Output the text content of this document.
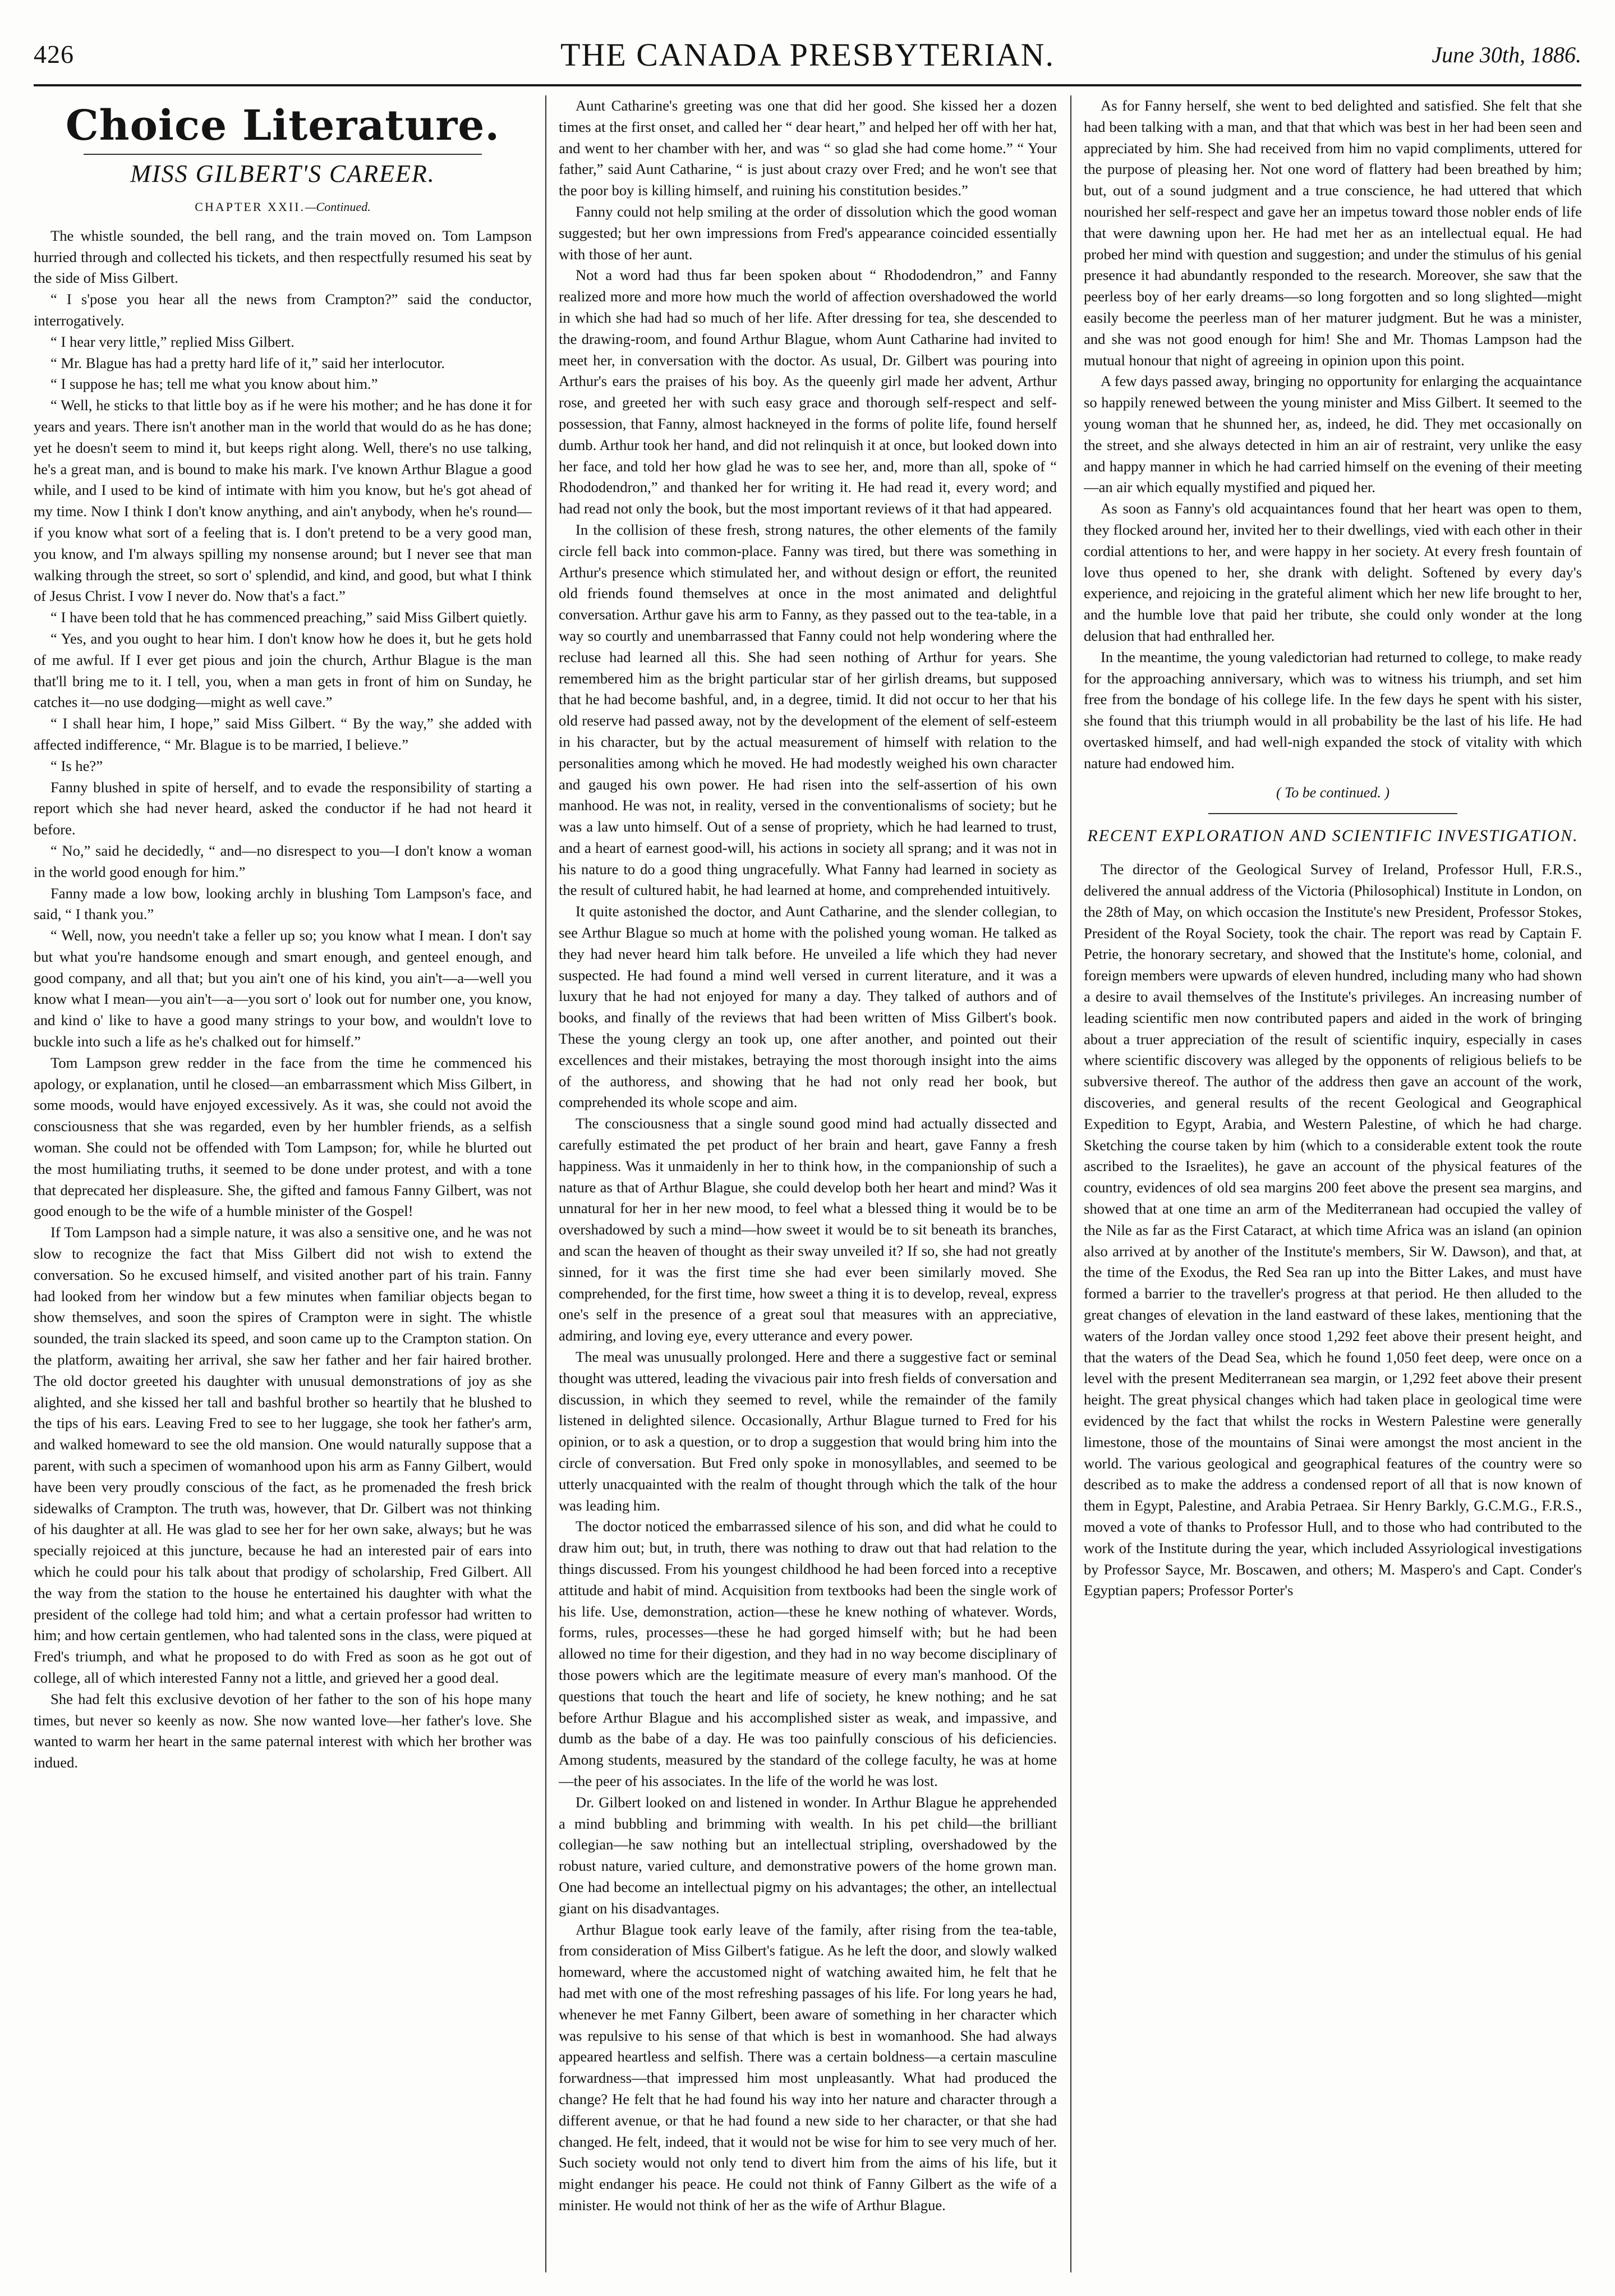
426	THE CANADA PRESBYTERIAN.	June 30th, 1886.
Choice Literature.
MISS GILBERT'S CAREER.
CHAPTER XXII.—Continued.

The whistle sounded, the bell rang, and the train moved on. Tom Lampson hurried through and collected his tickets, and then respectfully resumed his seat by the side of Miss Gilbert.

“ I s'pose you hear all the news from Crampton?” said the conductor, interrogatively.

“ I hear very little,” replied Miss Gilbert.

“ Mr. Blague has had a pretty hard life of it,” said her interlocutor.

“ I suppose he has; tell me what you know about him.”

“ Well, he sticks to that little boy as if he were his mother; and he has done it for years and years. There isn't another man in the world that would do as he has done; yet he doesn't seem to mind it, but keeps right along. Well, there's no use talking, he's a great man, and is bound to make his mark. I've known Arthur Blague a good while, and I used to be kind of intimate with him you know, but he's got ahead of my time. Now I think I don't know anything, and ain't anybody, when he's round—if you know what sort of a feeling that is. I don't pretend to be a very good man, you know, and I'm always spilling my nonsense around; but I never see that man walking through the street, so sort o' splendid, and kind, and good, but what I think of Jesus Christ. I vow I never do. Now that's a fact.”

“ I have been told that he has commenced preaching,” said Miss Gilbert quietly.

“ Yes, and you ought to hear him. I don't know how he does it, but he gets hold of me awful. If I ever get pious and join the church, Arthur Blague is the man that'll bring me to it. I tell, you, when a man gets in front of him on Sunday, he catches it—no use dodging—might as well cave.”

“ I shall hear him, I hope,” said Miss Gilbert. “ By the way,” she added with affected indifference, “ Mr. Blague is to be married, I believe.”

“ Is he?”

Fanny blushed in spite of herself, and to evade the responsibility of starting a report which she had never heard, asked the conductor if he had not heard it before.

“ No,” said he decidedly, “ and—no disrespect to you—I don't know a woman in the world good enough for him.”

Fanny made a low bow, looking archly in blushing Tom Lampson's face, and said, “ I thank you.”

“ Well, now, you needn't take a feller up so; you know what I mean. I don't say but what you're handsome enough and smart enough, and genteel enough, and good company, and all that; but you ain't one of his kind, you ain't—a—well you know what I mean—you ain't—a—you sort o' look out for number one, you know, and kind o' like to have a good many strings to your bow, and wouldn't love to buckle into such a life as he's chalked out for himself.”

Tom Lampson grew redder in the face from the time he commenced his apology, or explanation, until he closed—an embarrassment which Miss Gilbert, in some moods, would have enjoyed excessively. As it was, she could not avoid the consciousness that she was regarded, even by her humbler friends, as a selfish woman. She could not be offended with Tom Lampson; for, while he blurted out the most humiliating truths, it seemed to be done under protest, and with a tone that deprecated her displeasure. She, the gifted and famous Fanny Gilbert, was not good enough to be the wife of a humble minister of the Gospel!

If Tom Lampson had a simple nature, it was also a sensitive one, and he was not slow to recognize the fact that Miss Gilbert did not wish to extend the conversation. So he excused himself, and visited another part of his train. Fanny had looked from her window but a few minutes when familiar objects began to show themselves, and soon the spires of Crampton were in sight. The whistle sounded, the train slacked its speed, and soon came up to the Crampton station. On the platform, awaiting her arrival, she saw her father and her fair haired brother. The old doctor greeted his daughter with unusual demonstrations of joy as she alighted, and she kissed her tall and bashful brother so heartily that he blushed to the tips of his ears. Leaving Fred to see to her luggage, she took her father's arm, and walked homeward to see the old mansion. One would naturally suppose that a parent, with such a specimen of womanhood upon his arm as Fanny Gilbert, would have been very proudly conscious of the fact, as he promenaded the fresh brick sidewalks of Crampton. The truth was, however, that Dr. Gilbert was not thinking of his daughter at all. He was glad to see her for her own sake, always; but he was specially rejoiced at this juncture, because he had an interested pair of ears into which he could pour his talk about that prodigy of scholarship, Fred Gilbert. All the way from the station to the house he entertained his daughter with what the president of the college had told him; and what a certain professor had written to him; and how certain gentlemen, who had talented sons in the class, were piqued at Fred's triumph, and what he proposed to do with Fred as soon as he got out of college, all of which interested Fanny not a little, and grieved her a good deal.

She had felt this exclusive devotion of her father to the son of his hope many times, but never so keenly as now. She now wanted love—her father's love. She wanted to warm her heart in the same paternal interest with which her brother was indued.

Aunt Catharine's greeting was one that did her good. She kissed her a dozen times at the first onset, and called her “ dear heart,” and helped her off with her hat, and went to her chamber with her, and was “ so glad she had come home.” “ Your father,” said Aunt Catharine, “ is just about crazy over Fred; and he won't see that the poor boy is killing himself, and ruining his constitution besides.”

Fanny could not help smiling at the order of dissolution which the good woman suggested; but her own impressions from Fred's appearance coincided essentially with those of her aunt.

Not a word had thus far been spoken about “ Rhododendron,” and Fanny realized more and more how much the world of affection overshadowed the world in which she had had so much of her life. After dressing for tea, she descended to the drawing-room, and found Arthur Blague, whom Aunt Catharine had invited to meet her, in conversation with the doctor. As usual, Dr. Gilbert was pouring into Arthur's ears the praises of his boy. As the queenly girl made her advent, Arthur rose, and greeted her with such easy grace and thorough self-respect and self-possession, that Fanny, almost hackneyed in the forms of polite life, found herself dumb. Arthur took her hand, and did not relinquish it at once, but looked down into her face, and told her how glad he was to see her, and, more than all, spoke of “ Rhododendron,” and thanked her for writing it. He had read it, every word; and had read not only the book, but the most important reviews of it that had appeared.

In the collision of these fresh, strong natures, the other elements of the family circle fell back into common-place. Fanny was tired, but there was something in Arthur's presence which stimulated her, and without design or effort, the reunited old friends found themselves at once in the most animated and delightful conversation. Arthur gave his arm to Fanny, as they passed out to the tea-table, in a way so courtly and unembarrassed that Fanny could not help wondering where the recluse had learned all this. She had seen nothing of Arthur for years. She remembered him as the bright particular star of her girlish dreams, but supposed that he had become bashful, and, in a degree, timid. It did not occur to her that his old reserve had passed away, not by the development of the element of self-esteem in his character, but by the actual measurement of himself with relation to the personalities among which he moved. He had modestly weighed his own character and gauged his own power. He had risen into the self-assertion of his own manhood. He was not, in reality, versed in the conventionalisms of society; but he was a law unto himself. Out of a sense of propriety, which he had learned to trust, and a heart of earnest good-will, his actions in society all sprang; and it was not in his nature to do a good thing ungracefully. What Fanny had learned in society as the result of cultured habit, he had learned at home, and comprehended intuitively.

It quite astonished the doctor, and Aunt Catharine, and the slender collegian, to see Arthur Blague so much at home with the polished young woman. He talked as they had never heard him talk before. He unveiled a life which they had never suspected. He had found a mind well versed in current literature, and it was a luxury that he had not enjoyed for many a day. They talked of authors and of books, and finally of the reviews that had been written of Miss Gilbert's book. These the young clergy an took up, one after another, and pointed out their excellences and their mistakes, betraying the most thorough insight into the aims of the authoress, and showing that he had not only read her book, but comprehended its whole scope and aim.

The consciousness that a single sound good mind had actually dissected and carefully estimated the pet product of her brain and heart, gave Fanny a fresh happiness. Was it unmaidenly in her to think how, in the companionship of such a nature as that of Arthur Blague, she could develop both her heart and mind? Was it unnatural for her in her new mood, to feel what a blessed thing it would be to be overshadowed by such a mind—how sweet it would be to sit beneath its branches, and scan the heaven of thought as their sway unveiled it? If so, she had not greatly sinned, for it was the first time she had ever been similarly moved. She comprehended, for the first time, how sweet a thing it is to develop, reveal, express one's self in the presence of a great soul that measures with an appreciative, admiring, and loving eye, every utterance and every power.

The meal was unusually prolonged. Here and there a suggestive fact or seminal thought was uttered, leading the vivacious pair into fresh fields of conversation and discussion, in which they seemed to revel, while the remainder of the family listened in delighted silence. Occasionally, Arthur Blague turned to Fred for his opinion, or to ask a question, or to drop a suggestion that would bring him into the circle of conversation. But Fred only spoke in monosyllables, and seemed to be utterly unacquainted with the realm of thought through which the talk of the hour was leading him.

The doctor noticed the embarrassed silence of his son, and did what he could to draw him out; but, in truth, there was nothing to draw out that had relation to the things discussed. From his youngest childhood he had been forced into a receptive attitude and habit of mind. Acquisition from textbooks had been the single work of his life. Use, demonstration, action—these he knew nothing of whatever. Words, forms, rules, processes—these he had gorged himself with; but he had been allowed no time for their digestion, and they had in no way become disciplinary of those powers which are the legitimate measure of every man's manhood. Of the questions that touch the heart and life of society, he knew nothing; and he sat before Arthur Blague and his accomplished sister as weak, and impassive, and dumb as the babe of a day. He was too painfully conscious of his deficiencies. Among students, measured by the standard of the college faculty, he was at home—the peer of his associates. In the life of the world he was lost.

Dr. Gilbert looked on and listened in wonder. In Arthur Blague he apprehended a mind bubbling and brimming with wealth. In his pet child—the brilliant collegian—he saw nothing but an intellectual stripling, overshadowed by the robust nature, varied culture, and demonstrative powers of the home grown man. One had become an intellectual pigmy on his advantages; the other, an intellectual giant on his disadvantages.

Arthur Blague took early leave of the family, after rising from the tea-table, from consideration of Miss Gilbert's fatigue. As he left the door, and slowly walked homeward, where the accustomed night of watching awaited him, he felt that he had met with one of the most refreshing passages of his life. For long years he had, whenever he met Fanny Gilbert, been aware of something in her character which was repulsive to his sense of that which is best in womanhood. She had always appeared heartless and selfish. There was a certain boldness—a certain masculine forwardness—that impressed him most unpleasantly. What had produced the change? He felt that he had found his way into her nature and character through a different avenue, or that he had found a new side to her character, or that she had changed. He felt, indeed, that it would not be wise for him to see very much of her. Such society would not only tend to divert him from the aims of his life, but it might endanger his peace. He could not think of Fanny Gilbert as the wife of a minister. He would not think of her as the wife of Arthur Blague.

As for Fanny herself, she went to bed delighted and satisfied. She felt that she had been talking with a man, and that that which was best in her had been seen and appreciated by him. She had received from him no vapid compliments, uttered for the purpose of pleasing her. Not one word of flattery had been breathed by him; but, out of a sound judgment and a true conscience, he had uttered that which nourished her self-respect and gave her an impetus toward those nobler ends of life that were dawning upon her. He had met her as an intellectual equal. He had probed her mind with question and suggestion; and under the stimulus of his genial presence it had abundantly responded to the research. Moreover, she saw that the peerless boy of her early dreams—so long forgotten and so long slighted—might easily become the peerless man of her maturer judgment. But he was a minister, and she was not good enough for him! She and Mr. Thomas Lampson had the mutual honour that night of agreeing in opinion upon this point.

A few days passed away, bringing no opportunity for enlarging the acquaintance so happily renewed between the young minister and Miss Gilbert. It seemed to the young woman that he shunned her, as, indeed, he did. They met occasionally on the street, and she always detected in him an air of restraint, very unlike the easy and happy manner in which he had carried himself on the evening of their meeting—an air which equally mystified and piqued her.

As soon as Fanny's old acquaintances found that her heart was open to them, they flocked around her, invited her to their dwellings, vied with each other in their cordial attentions to her, and were happy in her society. At every fresh fountain of love thus opened to her, she drank with delight. Softened by every day's experience, and rejoicing in the grateful aliment which her new life brought to her, and the humble love that paid her tribute, she could only wonder at the long delusion that had enthralled her.

In the meantime, the young valedictorian had returned to college, to make ready for the approaching anniversary, which was to witness his triumph, and set him free from the bondage of his college life. In the few days he spent with his sister, she found that this triumph would in all probability be the last of his life. He had overtasked himself, and had well-nigh expanded the stock of vitality with which nature had endowed him.

( To be continued. )

RECENT EXPLORATION AND SCIENTIFIC INVESTIGATION.

The director of the Geological Survey of Ireland, Professor Hull, F.R.S., delivered the annual address of the Victoria (Philosophical) Institute in London, on the 28th of May, on which occasion the Institute's new President, Professor Stokes, President of the Royal Society, took the chair. The report was read by Captain F. Petrie, the honorary secretary, and showed that the Institute's home, colonial, and foreign members were upwards of eleven hundred, including many who had shown a desire to avail themselves of the Institute's privileges. An increasing number of leading scientific men now contributed papers and aided in the work of bringing about a truer appreciation of the result of scientific inquiry, especially in cases where scientific discovery was alleged by the opponents of religious beliefs to be subversive thereof. The author of the address then gave an account of the work, discoveries, and general results of the recent Geological and Geographical Expedition to Egypt, Arabia, and Western Palestine, of which he had charge. Sketching the course taken by him (which to a considerable extent took the route ascribed to the Israelites), he gave an account of the physical features of the country, evidences of old sea margins 200 feet above the present sea margins, and showed that at one time an arm of the Mediterranean had occupied the valley of the Nile as far as the First Cataract, at which time Africa was an island (an opinion also arrived at by another of the Institute's members, Sir W. Dawson), and that, at the time of the Exodus, the Red Sea ran up into the Bitter Lakes, and must have formed a barrier to the traveller's progress at that period. He then alluded to the great changes of elevation in the land eastward of these lakes, mentioning that the waters of the Jordan valley once stood 1,292 feet above their present height, and that the waters of the Dead Sea, which he found 1,050 feet deep, were once on a level with the present Mediterranean sea margin, or 1,292 feet above their present height. The great physical changes which had taken place in geological time were evidenced by the fact that whilst the rocks in Western Palestine were generally limestone, those of the mountains of Sinai were amongst the most ancient in the world. The various geological and geographical features of the country were so described as to make the address a condensed report of all that is now known of them in Egypt, Palestine, and Arabia Petraea. Sir Henry Barkly, G.C.M.G., F.R.S., moved a vote of thanks to Professor Hull, and to those who had contributed to the work of the Institute during the year, which included Assyriological investigations by Professor Sayce, Mr. Boscawen, and others; M. Maspero's and Capt. Conder's Egyptian papers; Professor Porter's
